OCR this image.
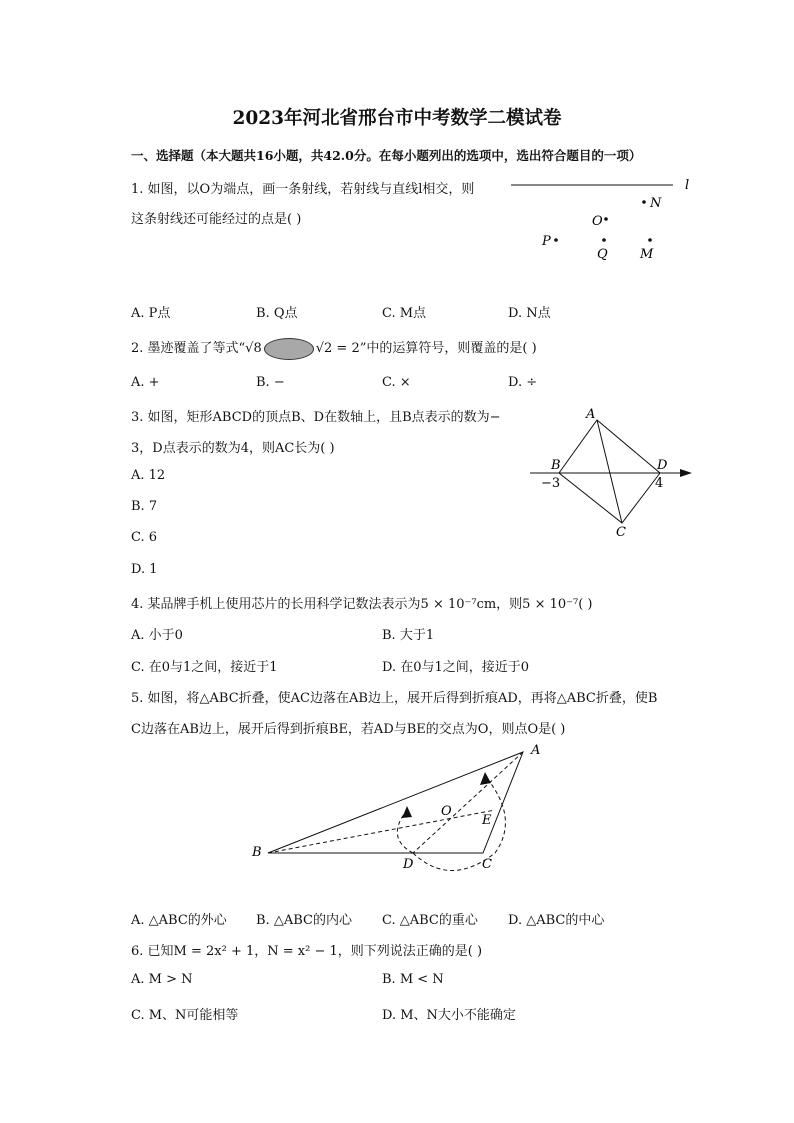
2023年河北省邢台市中考数学二模试卷
一、选择题（本大题共16小题，共42.0分。在每小题列出的选项中，选出符合题目的一项）
1. 如图，以O为端点，画一条射线，若射线与直线l相交，则
这条射线还可能经过的点是( )
l
N
O
P
Q M
A. P点	B. Q点	C. M点	D. N点
2. 墨迹覆盖了等式“√8	√2 = 2”中的运算符号，则覆盖的是( )
A. +	B. −	C. ×	D. ÷
3. 如图，矩形ABCD的顶点B、D在数轴上，且B点表示的数为−
3，D点表示的数为4，则AC长为( )
A
B	D
C
−3	4
A. 12
B. 7
C. 6
D. 1
4. 某品牌手机上使用芯片的长用科学记数法表示为5 × 10⁻⁷cm，则5 × 10⁻⁷( )
A. 小于0	B. 大于1
C. 在0与1之间，接近于1	D. 在0与1之间，接近于0
5. 如图，将△ABC折叠，使AC边落在AB边上，展开后得到折痕AD，再将△ABC折叠，使B
C边落在AB边上，展开后得到折痕BE，若AD与BE的交点为O，则点O是( )
A
B
C
D
E
O
A. △ABC的外心 B. △ABC的内心 C. △ABC的重心 D. △ABC的中心
6. 已知M = 2x² + 1，N = x² − 1，则下列说法正确的是( )
A. M > N	B. M < N
C. M、N可能相等	D. M、N大小不能确定
